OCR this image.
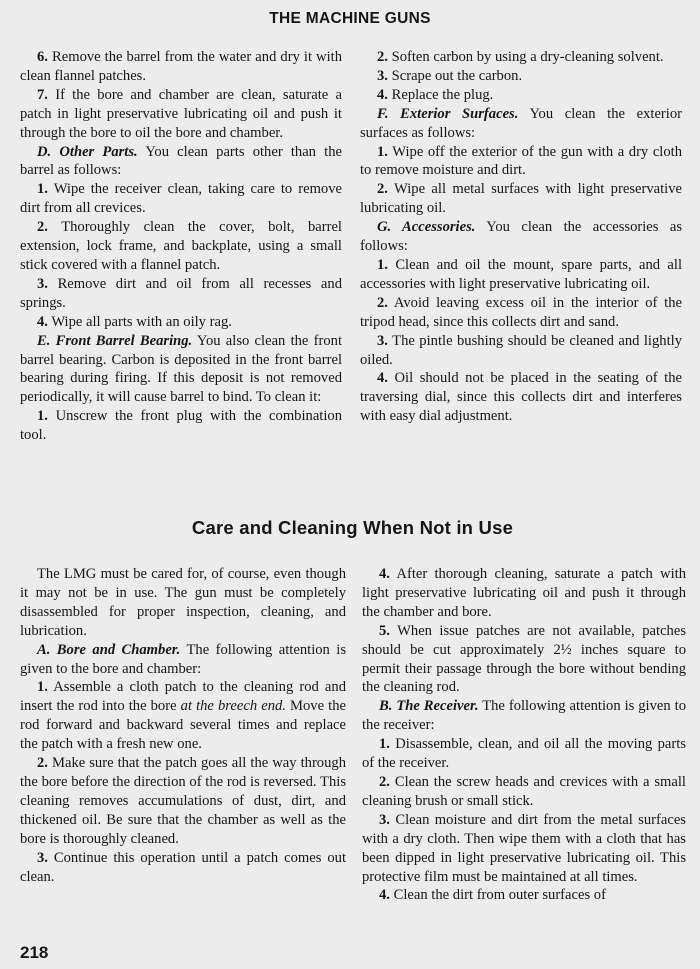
THE MACHINE GUNS

6. Remove the barrel from the water and dry it with clean flannel patches.

7. If the bore and chamber are clean, saturate a patch in light preservative lubricating oil and push it through the bore to oil the bore and chamber.

D. Other Parts. You clean parts other than the barrel as follows:

1. Wipe the receiver clean, taking care to remove dirt from all crevices.

2. Thoroughly clean the cover, bolt, barrel extension, lock frame, and backplate, using a small stick covered with a flannel patch.

3. Remove dirt and oil from all recesses and springs.

4. Wipe all parts with an oily rag.

E. Front Barrel Bearing. You also clean the front barrel bearing. Carbon is deposited in the front barrel bearing during firing. If this deposit is not removed periodically, it will cause barrel to bind. To clean it:

1. Unscrew the front plug with the combination tool.

2. Soften carbon by using a dry-cleaning solvent.

3. Scrape out the carbon.

4. Replace the plug.

F. Exterior Surfaces. You clean the exterior surfaces as follows:

1. Wipe off the exterior of the gun with a dry cloth to remove moisture and dirt.

2. Wipe all metal surfaces with light preservative lubricating oil.

G. Accessories. You clean the accessories as follows:

1. Clean and oil the mount, spare parts, and all accessories with light preservative lubricating oil.

2. Avoid leaving excess oil in the interior of the tripod head, since this collects dirt and sand.

3. The pintle bushing should be cleaned and lightly oiled.

4. Oil should not be placed in the seating of the traversing dial, since this collects dirt and interferes with easy dial adjustment.

Care and Cleaning When Not in Use

The LMG must be cared for, of course, even though it may not be in use. The gun must be completely disassembled for proper inspection, cleaning, and lubrication.

A. Bore and Chamber. The following attention is given to the bore and chamber:

1. Assemble a cloth patch to the cleaning rod and insert the rod into the bore at the breech end. Move the rod forward and backward several times and replace the patch with a fresh new one.

2. Make sure that the patch goes all the way through the bore before the direction of the rod is reversed. This cleaning removes accumulations of dust, dirt, and thickened oil. Be sure that the chamber as well as the bore is thoroughly cleaned.

3. Continue this operation until a patch comes out clean.

4. After thorough cleaning, saturate a patch with light preservative lubricating oil and push it through the chamber and bore.

5. When issue patches are not available, patches should be cut approximately 2½ inches square to permit their passage through the bore without bending the cleaning rod.

B. The Receiver. The following attention is given to the receiver:

1. Disassemble, clean, and oil all the moving parts of the receiver.

2. Clean the screw heads and crevices with a small cleaning brush or small stick.

3. Clean moisture and dirt from the metal surfaces with a dry cloth. Then wipe them with a cloth that has been dipped in light preservative lubricating oil. This protective film must be maintained at all times.

4. Clean the dirt from outer surfaces of

218
